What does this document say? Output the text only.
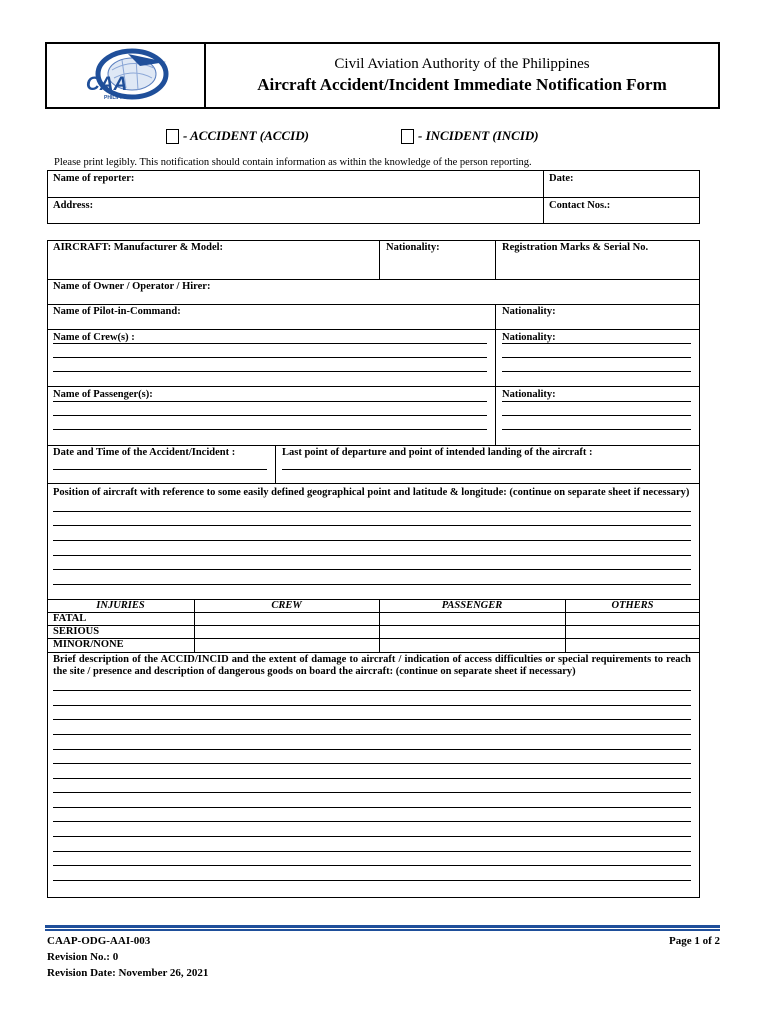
CAA
PHILIPPINES
Civil Aviation Authority of the Philippines
Aircraft Accident/Incident Immediate Notification Form
- ACCIDENT (ACCID)	- INCIDENT (INCID)
Please print legibly. This notification should contain information as within the knowledge of the person reporting.
Name of reporter:	Date:
Address:	Contact Nos.:
AIRCRAFT: Manufacturer & Model:	Nationality:	Registration Marks & Serial No.
Name of Owner / Operator / Hirer:
Name of Pilot-in-Command:	Nationality:
Name of Crew(s) :	Nationality:
Name of Passenger(s):	Nationality:
Date and Time of the Accident/Incident :	Last point of departure and point of intended landing of the aircraft :
Position of aircraft with reference to some easily defined geographical point and latitude & longitude: (continue on separate sheet if necessary)
INJURIES	CREW	PASSENGER	OTHERS
FATAL
SERIOUS
MINOR/NONE
Brief description of the ACCID/INCID and the extent of damage to aircraft / indication of access difficulties or special requirements to reach the site / presence and description of dangerous goods on board the aircraft: (continue on separate sheet if necessary)
CAAP-ODG-AAI-003
Revision No.: 0
Revision Date: November 26, 2021
Page 1 of 2
